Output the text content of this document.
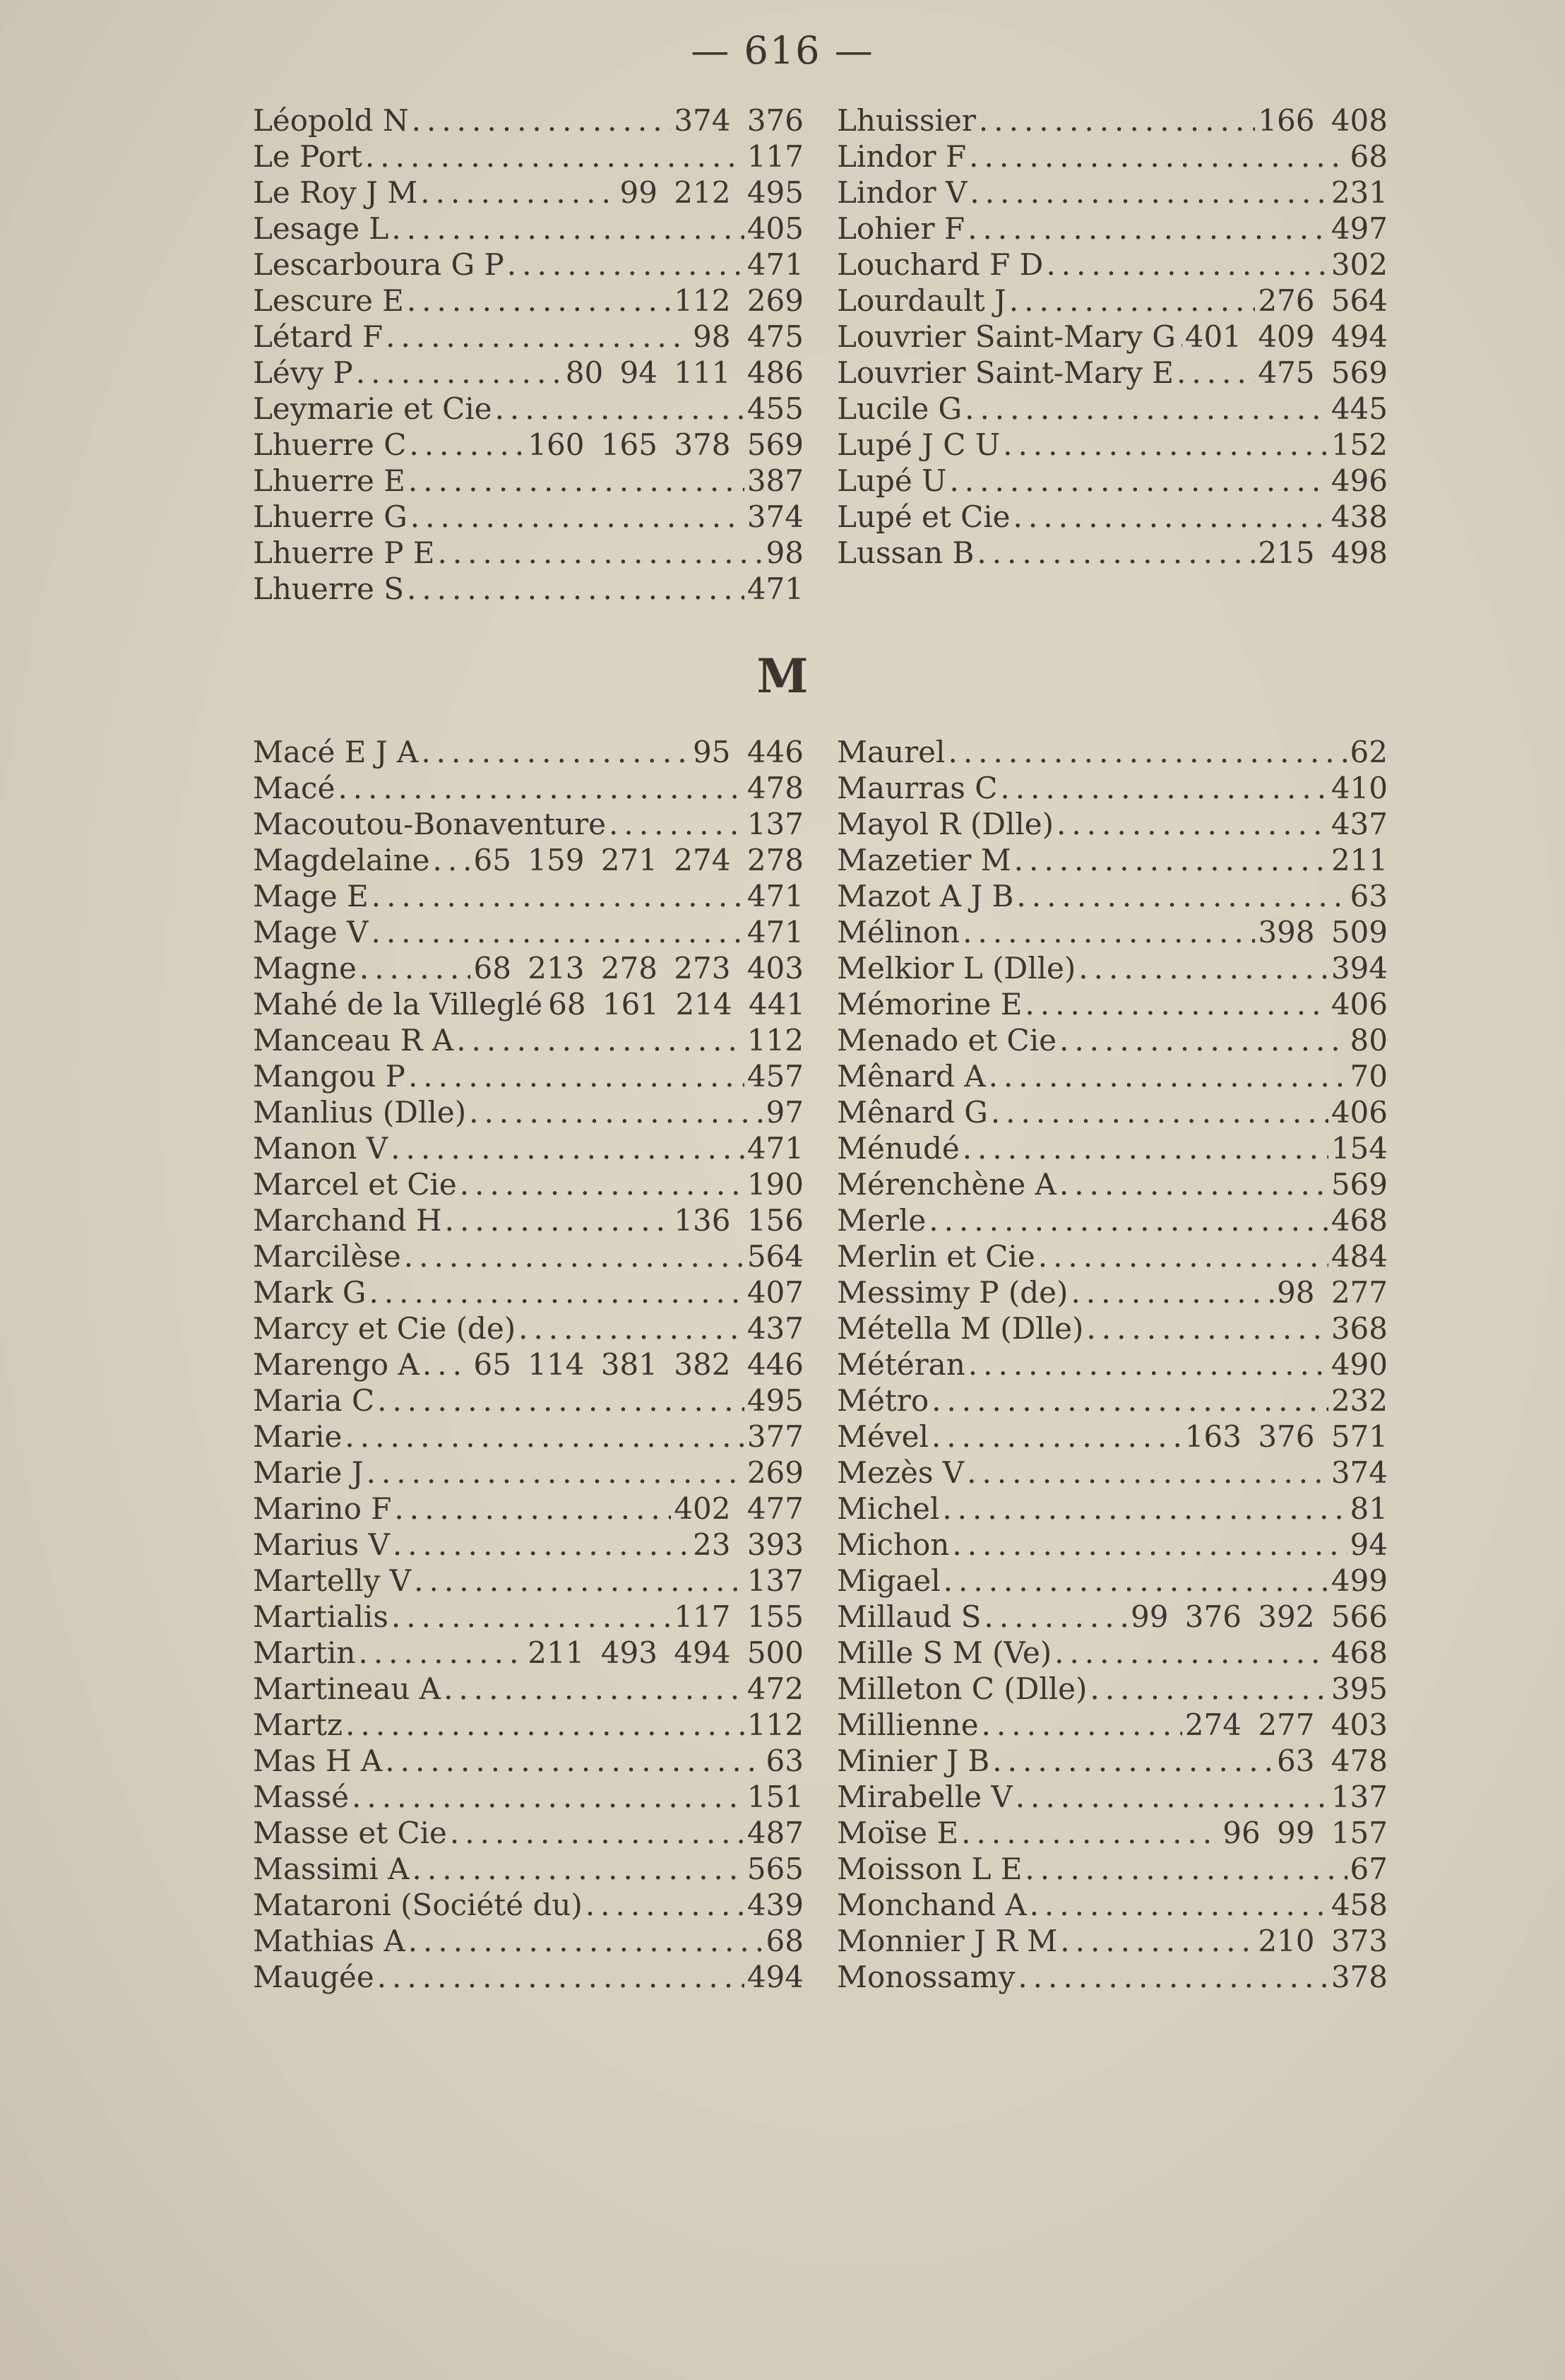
— 616 —
Léopold N .....	374 376
Le Port .....	117
Le Roy J M .....	99 212 495
Lesage L .....	405
Lescarboura G P .....	471
Lescure E .....	112 269
Létard F .....	98 475
Lévy P .....	80 94 111 486
Leymarie et Cie .....	455
Lhuerre C .....	160 165 378 569
Lhuerre E .....	387
Lhuerre G .....	374
Lhuerre P E .....	98
Lhuerre S .....	471
Lhuissier .....	166 408
Lindor F .....	68
Lindor V .....	231
Lohier F .....	497
Louchard F D .....	302
Lourdault J .....	276 564
Louvrier Saint-Mary G ..... 401 409 494
Louvrier Saint-Mary E .....	475 569
Lucile G .....	445
Lupé J C U .....	152
Lupé U .....	496
Lupé et Cie .....	438
Lussan B .....	215 498
M
Macé E J A .....	95 446
Macé .....	478
Macoutou-Bonaventure .....	137
Magdelaine ..... 65 159 271 274 278
Mage E .....	471
Mage V .....	471
Magne .....	68 213 278 273 403
Mahé de la Villeglé 68 161 214 441
Manceau R A .....	112
Mangou P .....	457
Manlius (Dlle) .....	97
Manon V .....	471
Marcel et Cie .....	190
Marchand H .....	136 156
Marcilèse .....	564
Mark G .....	407
Marcy et Cie (de) .....	437
Marengo A ..... 65 114 381 382 446
Maria C .....	495
Marie .....	377
Marie J .....	269
Marino F .....	402 477
Marius V .....	23 393
Martelly V .....	137
Martialis .....	117 155
Martin .....	211 493 494 500
Martineau A .....	472
Martz .....	112
Mas H A .....	63
Massé .....	151
Masse et Cie .....	487
Massimi A .....	565
Mataroni (Société du) .....	439
Mathias A .....	68
Maugée .....	494
Maurel .....	62
Maurras C .....	410
Mayol R (Dlle) .....	437
Mazetier M .....	211
Mazot A J B .....	63
Mélinon .....	398 509
Melkior L (Dlle) .....	394
Mémorine E .....	406
Menado et Cie .....	80
Mênard A .....	70
Mênard G .....	406
Ménudé .....	154
Mérenchène A .....	569
Merle .....	468
Merlin et Cie .....	484
Messimy P (de) .....	98 277
Métella M (Dlle) .....	368
Météran .....	490
Métro .....	232
Mével .....	163 376 571
Mezès V .....	374
Michel .....	81
Michon .....	94
Migael .....	499
Millaud S .....	99 376 392 566
Mille S M (Ve) .....	468
Milleton C (Dlle) .....	395
Millienne .....	274 277 403
Minier J B .....	63 478
Mirabelle V .....	137
Moïse E .....	96 99 157
Moisson L E .....	67
Monchand A .....	458
Monnier J R M .....	210 373
Monossamy .....	378
